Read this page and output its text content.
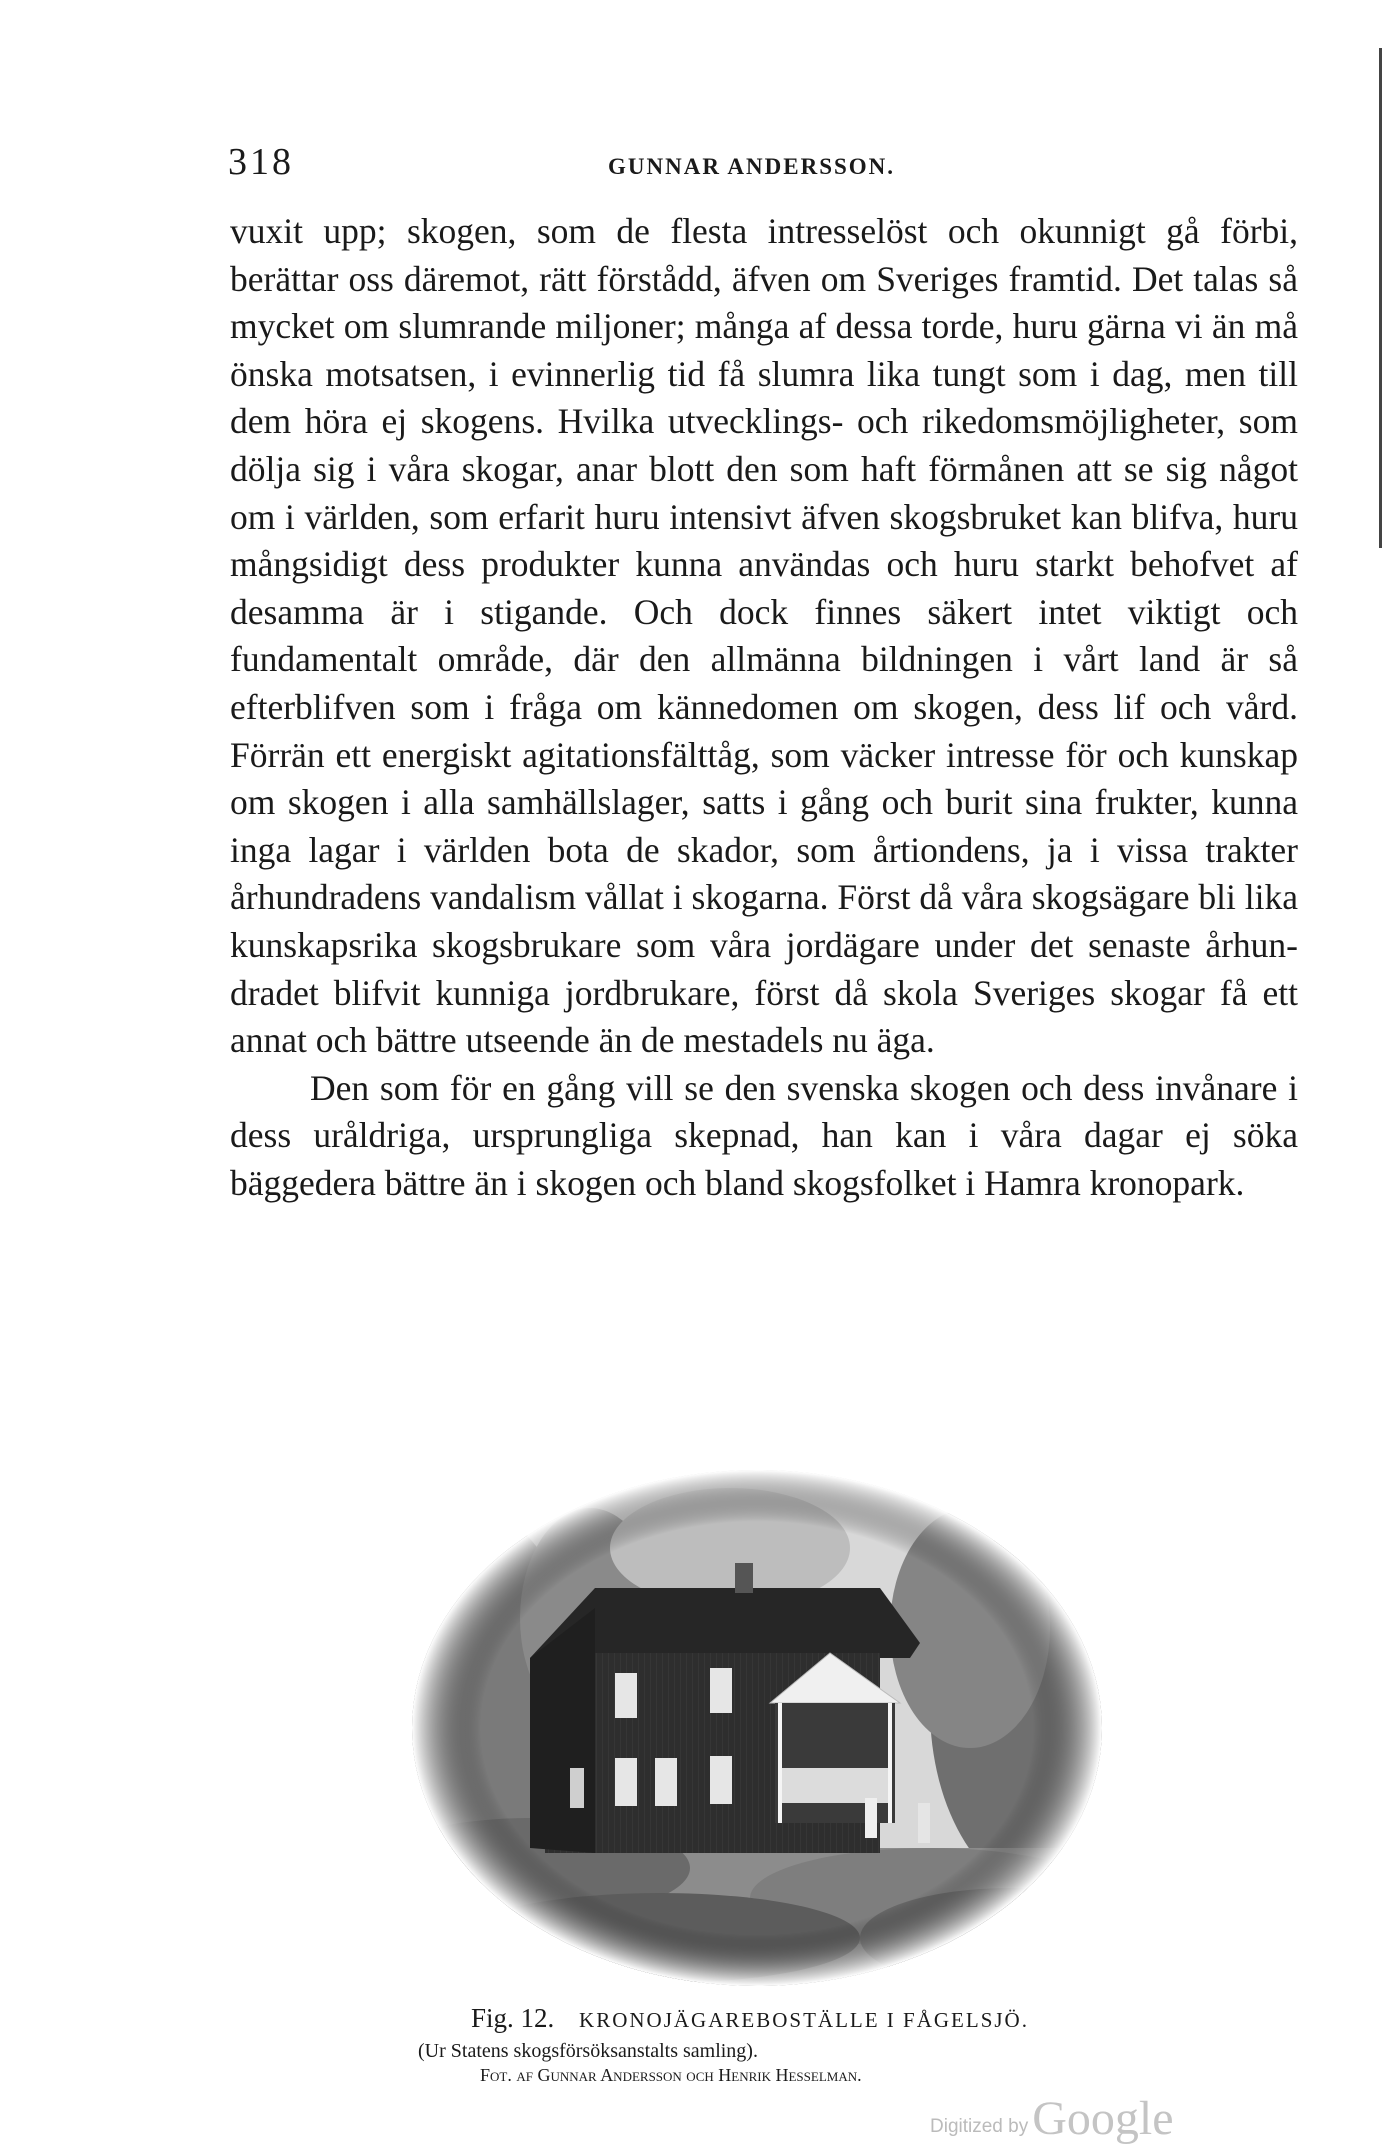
318	GUNNAR ANDERSSON.

vuxit upp; skogen, som de flesta intresselöst och okunnigt gå förbi, berättar oss däremot, rätt förstådd, äfven om Sveriges framtid. Det talas så mycket om slumrande miljoner; många af dessa torde, huru gärna vi än må önska motsatsen, i evinnerlig tid få slumra lika tungt som i dag, men till dem höra ej skogens. Hvilka utvecklings- och rikedomsmöjligheter, som dölja sig i våra skogar, anar blott den som haft förmånen att se sig något om i världen, som erfarit huru intensivt äfven skogsbruket kan blifva, huru mångsidigt dess produkter kunna användas och huru starkt behofvet af desamma är i stigande. Och dock finnes säkert intet viktigt och fundamentalt område, där den allmänna bildningen i vårt land är så efterblifven som i fråga om kännedomen om skogen, dess lif och vård. Förrän ett energiskt agitationsfälttåg, som väcker intresse för och kunskap om skogen i alla samhällslager, satts i gång och burit sina frukter, kunna inga lagar i världen bota de skador, som årtiondens, ja i vissa trakter århundradens vandalism vållat i skogarna. Först då våra skogsägare bli lika kunskapsrika skogsbrukare som våra jordägare under det senaste århundradet blifvit kunniga jordbrukare, först då skola Sveriges skogar få ett annat och bättre utseende än de mestadels nu äga.

Den som för en gång vill se den svenska skogen och dess invånare i dess uråldriga, ursprungliga skepnad, han kan i våra dagar ej söka bäggedera bättre än i skogen och bland skogsfolket i Hamra kronopark.

Fig. 12. KRONOJÄGAREBOSTÄLLE I FÅGELSJÖ.
(Ur Statens skogsförsöksanstalts samling).
Fot. af Gunnar Andersson och Henrik Hesselman.
Digitized by Google
